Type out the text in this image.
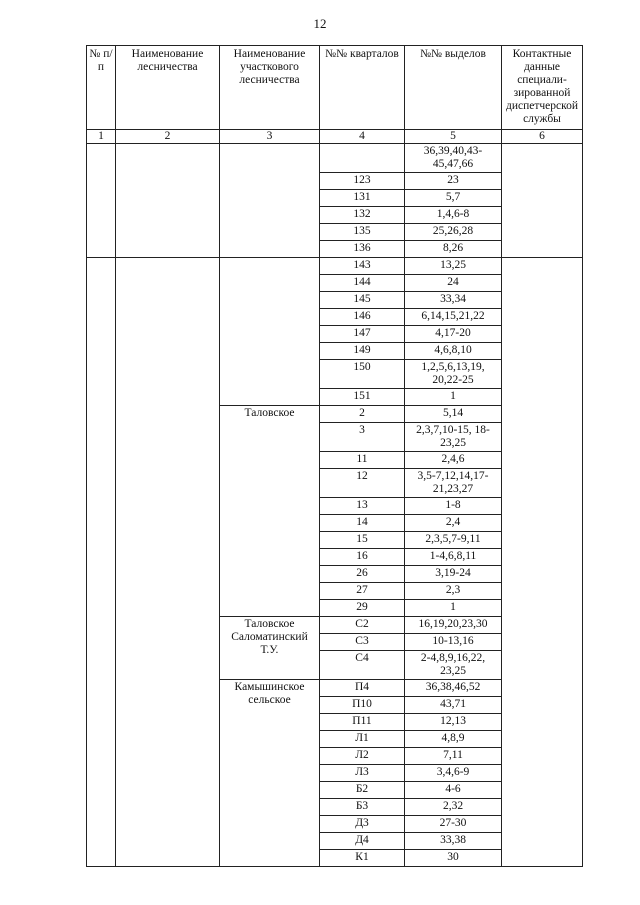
12
№ п/п	Наименование лесничества	Наименование участкового лесничества	№№ кварталов	№№ выделов	Контактные данные специали-зированной диспетчерской службы
1	2	3	4	5	6
				36,39,40,43-45,47,66	
			123	23	
			131	5,7	
			132	1,4,6-8	
			135	25,26,28	
			136	8,26	
			143	13,25	
			144	24	
			145	33,34	
			146	6,14,15,21,22	
			147	4,17-20	
			149	4,6,8,10	
			150	1,2,5,6,13,19, 20,22-25	
			151	1	
		Таловское	2	5,14	
			3	2,3,7,10-15, 18-23,25	
			11	2,4,6	
			12	3,5-7,12,14,17-21,23,27	
			13	1-8	
			14	2,4	
			15	2,3,5,7-9,11	
			16	1-4,6,8,11	
			26	3,19-24	
			27	2,3	
			29	1	
		Таловское Саломатинский Т.У.	С2	16,19,20,23,30	
			С3	10-13,16	
			С4	2-4,8,9,16,22, 23,25	
		Камышинское сельское	П4	36,38,46,52	
			П10	43,71	
			П11	12,13	
			Л1	4,8,9	
			Л2	7,11	
			Л3	3,4,6-9	
			Б2	4-6	
			Б3	2,32	
			Д3	27-30	
			Д4	33,38	
			К1	30	
